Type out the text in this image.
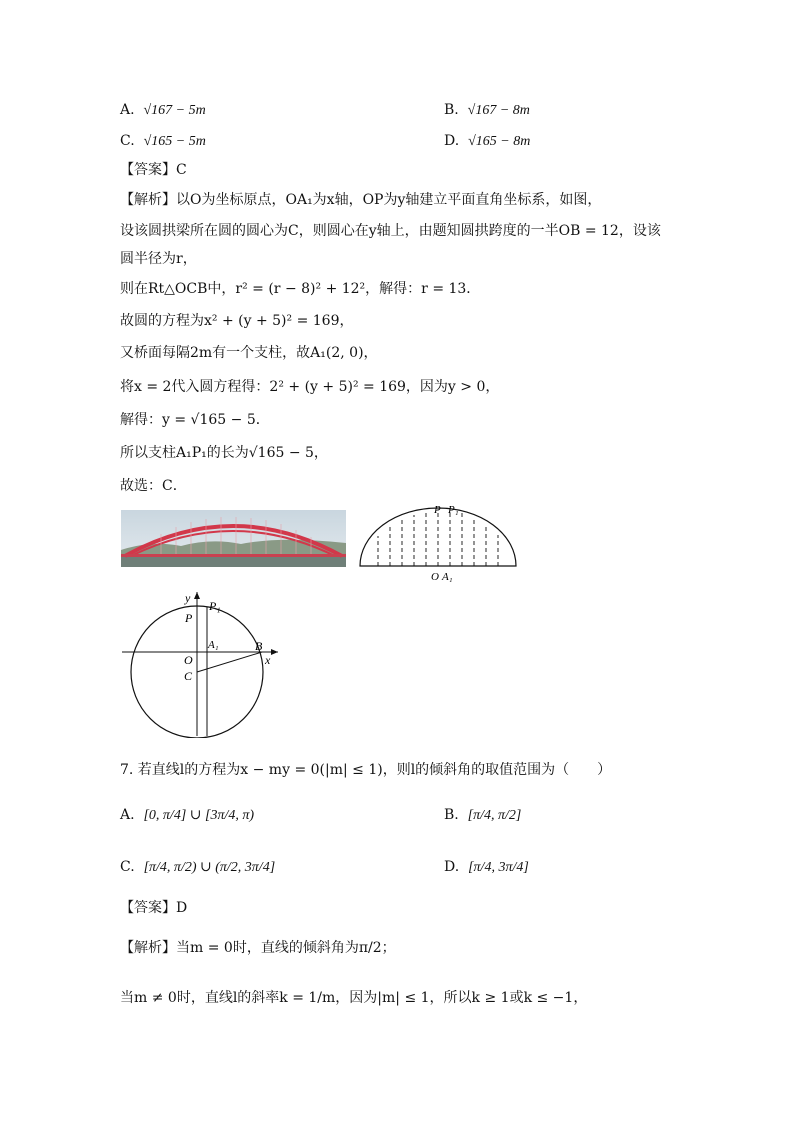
A. √167 − 5m	B. √167 − 8m
C. √165 − 5m	D. √165 − 8m
【答案】C
【解析】以O为坐标原点，OA₁为x轴，OP为y轴建立平面直角坐标系，如图，
设该圆拱梁所在圆的圆心为C，则圆心在y轴上，由题知圆拱跨度的一半OB = 12，设该
圆半径为r，
则在Rt△OCB中，r² = (r − 8)² + 12²，解得：r = 13．
故圆的方程为x² + (y + 5)² = 169，
又桥面每隔2m有一个支柱，故A₁(2, 0)，
将x = 2代入圆方程得：2² + (y + 5)² = 169，因为y > 0，
解得：y = √165 − 5．
所以支柱A₁P₁的长为√165 − 5，
故选：C．
P P₁
O A₁
y
x
P
P₁
A₁	B
O
C
7. 若直线l的方程为x − my = 0(|m| ≤ 1)，则l的倾斜角的取值范围为（　　）
A. [0, π/4] ∪ [3π/4, π)	B. [π/4, π/2]
C. [π/4, π/2) ∪ (π/2, 3π/4]	D. [π/4, 3π/4]
【答案】D
【解析】当m = 0时，直线的倾斜角为π/2；
当m ≠ 0时，直线l的斜率k = 1/m，因为|m| ≤ 1，所以k ≥ 1或k ≤ −1，
